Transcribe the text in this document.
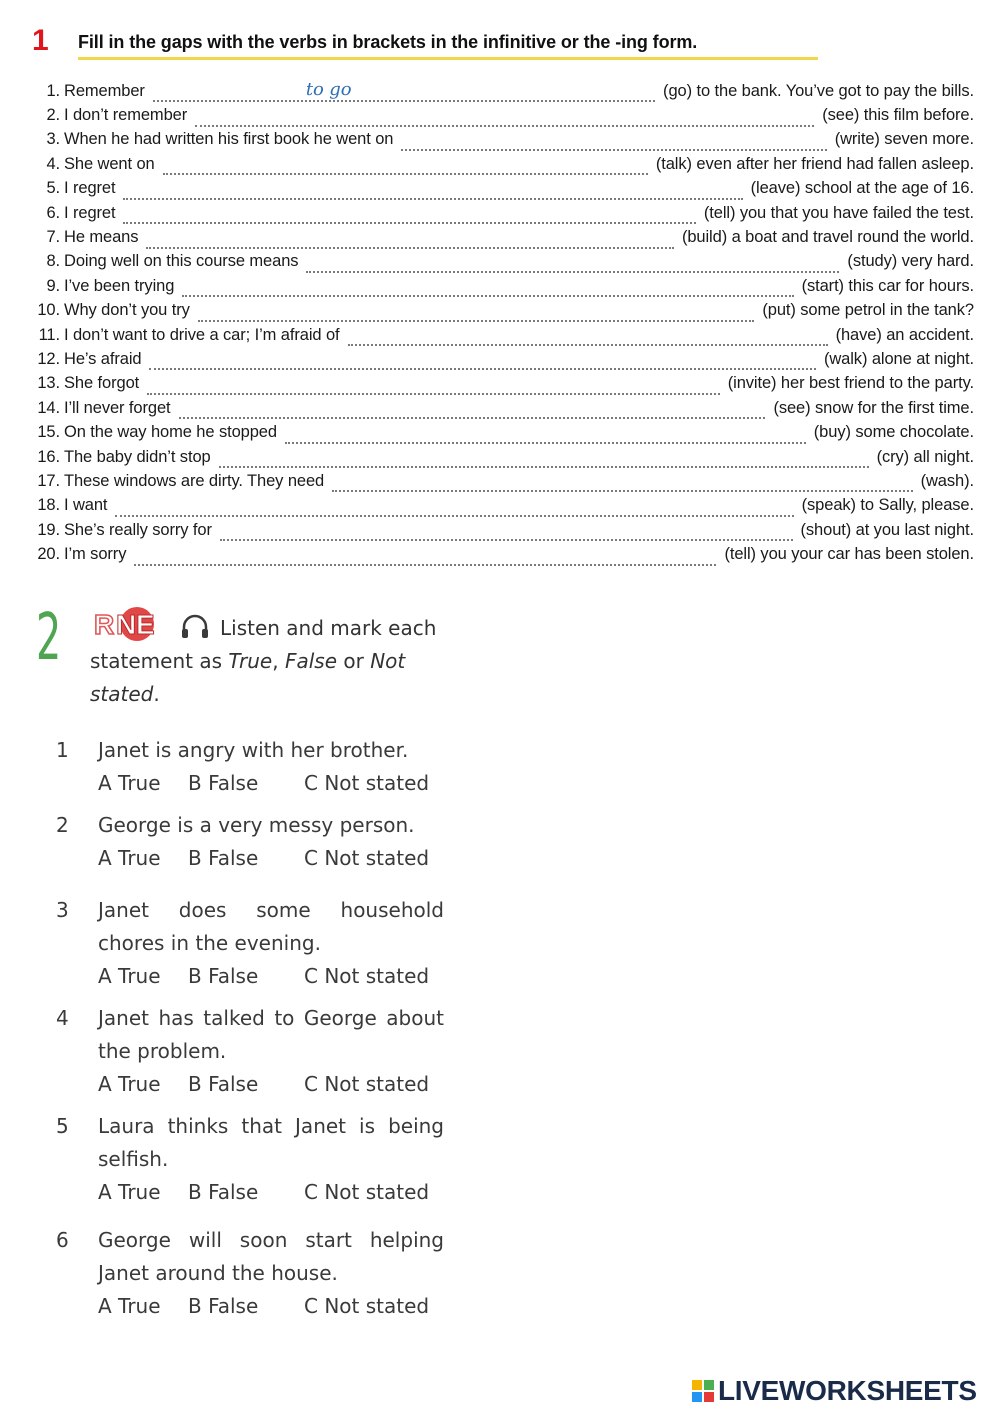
1 Fill in the gaps with the verbs in brackets in the infinitive or the -ing form.
1. Remember	to go	(go) to the bank. You’ve got to pay the bills.
2. I don’t remember	(see) this film before.
3. When he had written his first book he went on	(write) seven more.
4. She went on	(talk) even after her friend had fallen asleep.
5. I regret	(leave) school at the age of 16.
6. I regret	(tell) you that you have failed the test.
7. He means	(build) a boat and travel round the world.
8. Doing well on this course means	(study) very hard.
9. I’ve been trying	(start) this car for hours.
10. Why don’t you try	(put) some petrol in the tank?
11. I don’t want to drive a car; I’m afraid of	(have) an accident.
12. He’s afraid	(walk) alone at night.
13. She forgot	(invite) her best friend to the party.
14. I’ll never forget	(see) snow for the first time.
15. On the way home he stopped	(buy) some chocolate.
16. The baby didn’t stop	(cry) all night.
17. These windows are dirty. They need	(wash).
18. I want	(speak) to Sally, please.
19. She’s really sorry for	(shout) at you last night.
20. I’m sorry	(tell) you your car has been stolen.
2 R N E	Listen and mark each statement as True, False or Not stated.
1 Janet is angry with her brother.
A True B False C Not stated
2 George is a very messy person.
A True B False C Not stated
3 Janet does some household chores in the evening.
A True B False C Not stated
4 Janet has talked to George about the problem.
A True B False C Not stated
5 Laura thinks that Janet is being selfish.
A True B False C Not stated
6 George will soon start helping Janet around the house.
A True B False C Not stated
LIVEWORKSHEETS
